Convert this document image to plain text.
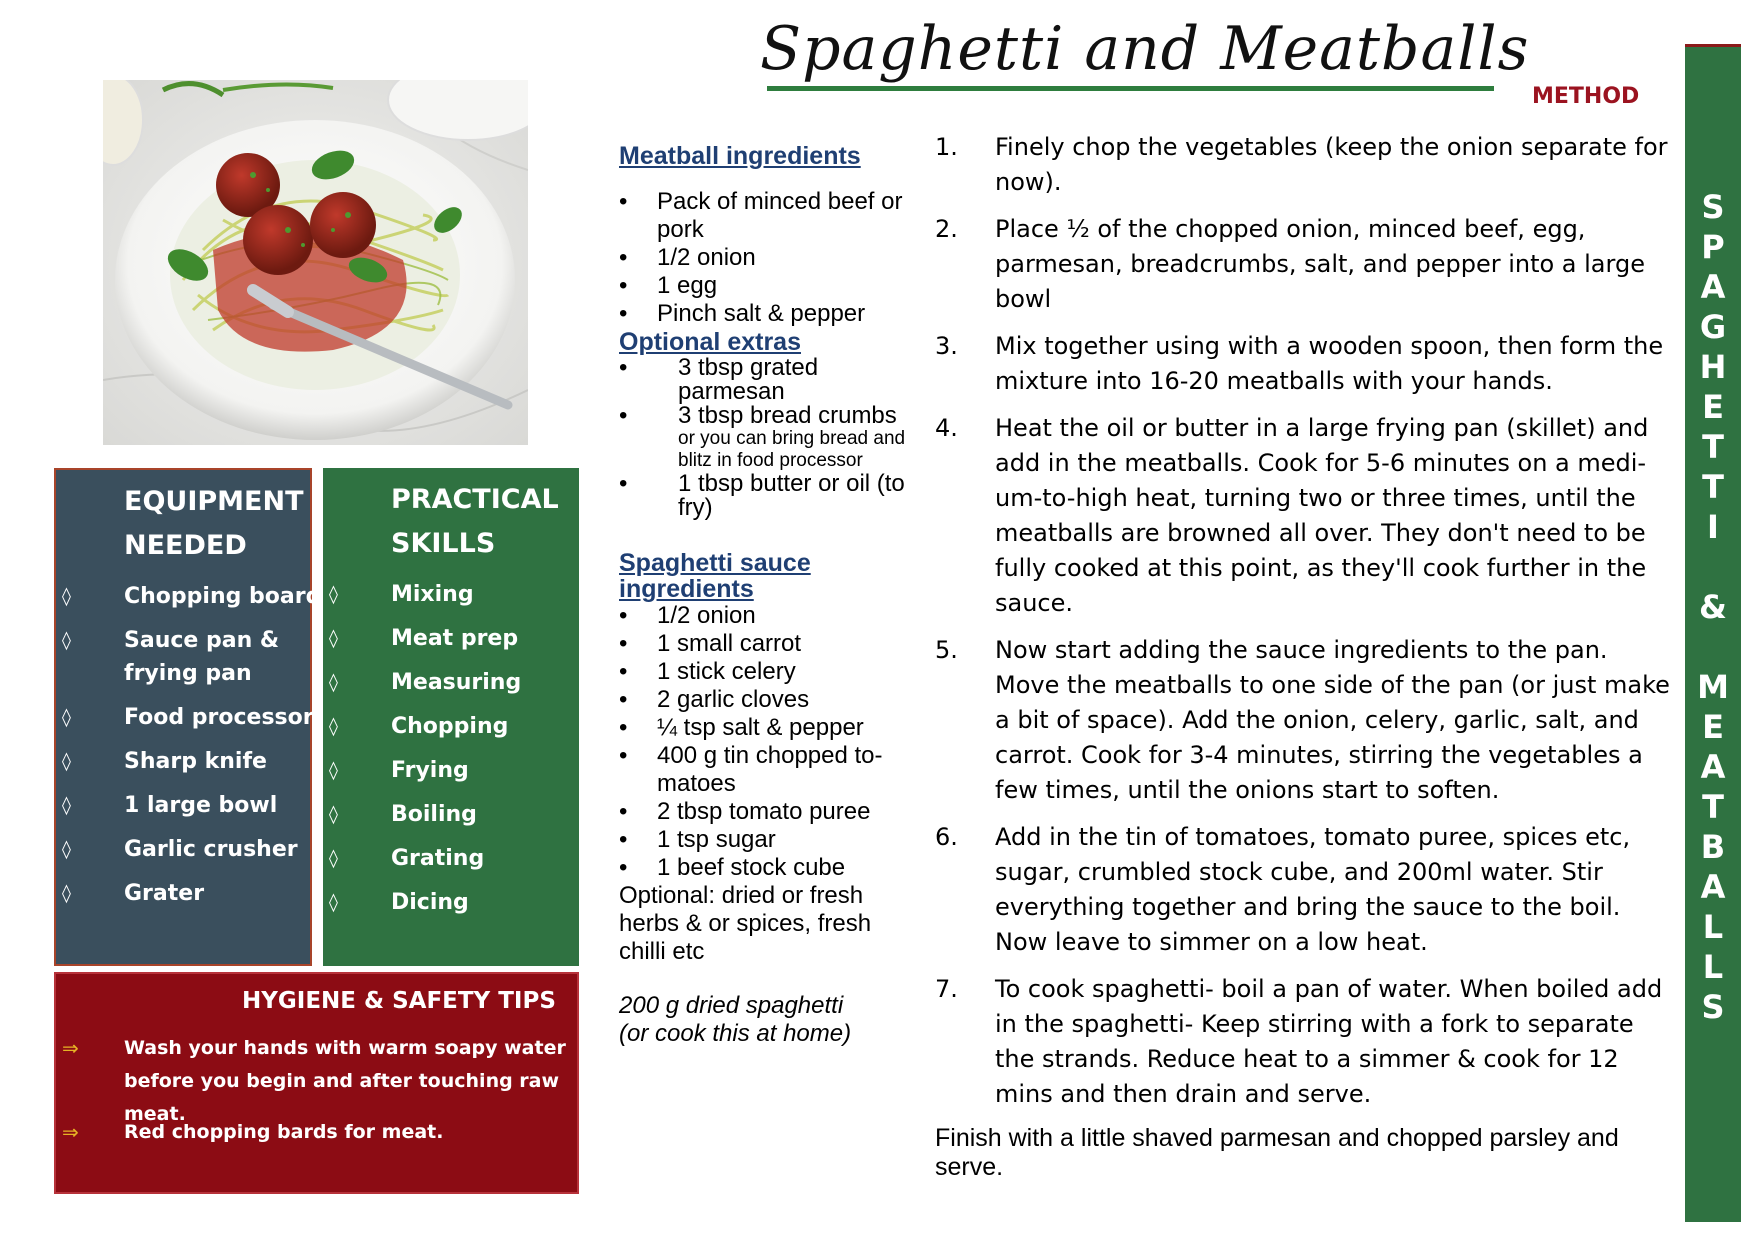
Spaghetti and Meatballs
METHOD
S
P
A
G
H
E
T
T
I
&
M
E
A
T
B
A
L
L
S
EQUIPMENT
NEEDED
◊ Chopping board
◊ Sauce pan & frying pan
◊ Food processor
◊ Sharp knife
◊ 1 large bowl
◊ Garlic crusher
◊ Grater
PRACTICAL
SKILLS
◊ Mixing
◊ Meat prep
◊ Measuring
◊ Chopping
◊ Frying
◊ Boiling
◊ Grating
◊ Dicing
HYGIENE & SAFETY TIPS
⇒ Wash your hands with warm soapy water before you begin and after touching raw meat.
⇒ Red chopping bards for meat.
Meatball ingredients
• Pack of minced beef or pork
• 1/2 onion
• 1 egg
• Pinch salt & pepper
Optional extras
• 3 tbsp grated parmesan
• 3 tbsp bread crumbs
or you can bring bread and blitz in food processor
• 1 tbsp butter or oil (to fry)
Spaghetti sauce ingredients
• 1/2 onion
• 1 small carrot
• 1 stick celery
• 2 garlic cloves
• ¼ tsp salt & pepper
• 400 g tin chopped to-matoes
• 2 tbsp tomato puree
• 1 tsp sugar
• 1 beef stock cube
Optional: dried or fresh herbs & or spices, fresh chilli etc
200 g dried spaghetti
(or cook this at home)
1. Finely chop the vegetables (keep the onion separate for now).
2. Place ½ of the chopped onion, minced beef, egg, parmesan, breadcrumbs, salt, and pepper into a large bowl
3. Mix together using with a wooden spoon, then form the mixture into 16-20 meatballs with your hands.
4. Heat the oil or butter in a large frying pan (skillet) and add in the meatballs. Cook for 5-6 minutes on a medi-um-to-high heat, turning two or three times, until the meatballs are browned all over. They don't need to be fully cooked at this point, as they'll cook further in the sauce.
5. Now start adding the sauce ingredients to the pan. Move the meatballs to one side of the pan (or just make a bit of space). Add the onion, celery, garlic, salt, and carrot. Cook for 3-4 minutes, stirring the vegetables a few times, until the onions start to soften.
6. Add in the tin of tomatoes, tomato puree, spices etc, sugar, crumbled stock cube, and 200ml water. Stir everything together and bring the sauce to the boil. Now leave to simmer on a low heat.
7. To cook spaghetti- boil a pan of water. When boiled add in the spaghetti- Keep stirring with a fork to separate the strands. Reduce heat to a simmer & cook for 12 mins and then drain and serve.
Finish with a little shaved parmesan and chopped parsley and serve.
